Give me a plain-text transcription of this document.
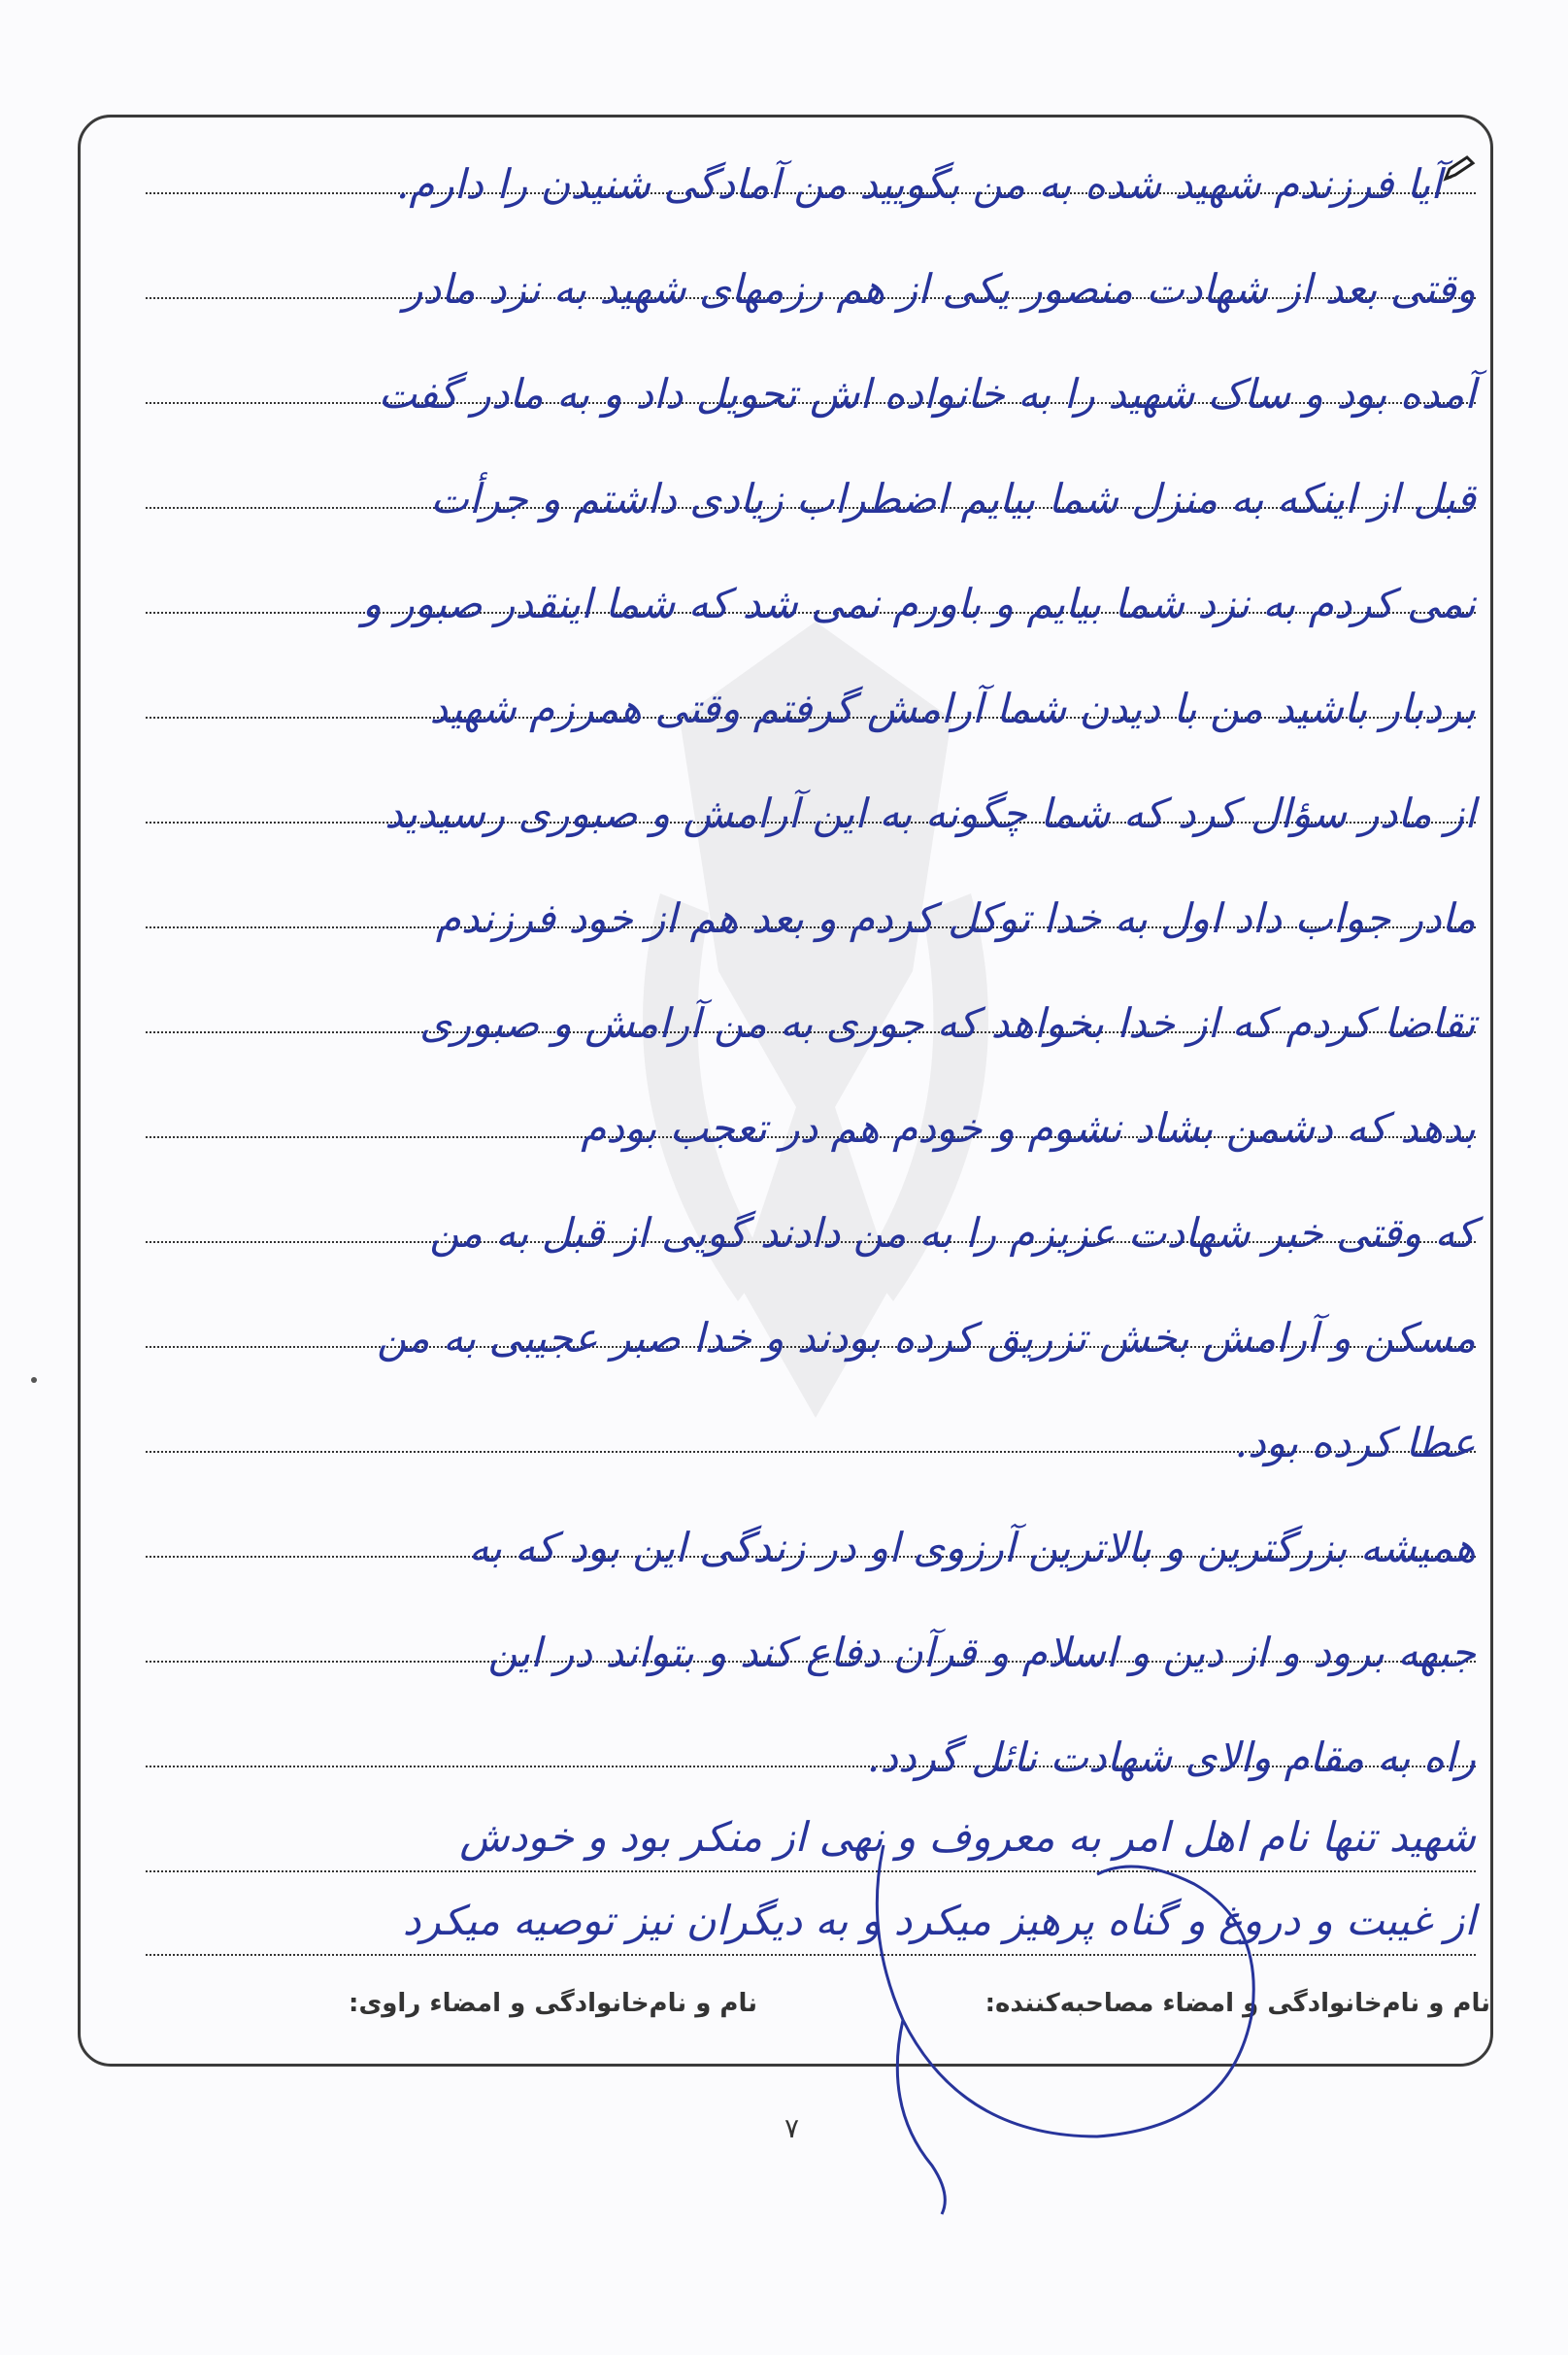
آیا فرزندم شهید شده به من بگویید من آمادگی شنیدن را دارم.
وقتی بعد از شهادت منصور یکی از هم رزمهای شهید به نزد مادر
آمده بود و ساک شهید را به خانواده اش تحویل داد و به مادر گفت
قبل از اینکه به منزل شما بیایم اضطراب زیادی داشتم و جرأت
نمی کردم به نزد شما بیایم و باورم نمی شد که شما اینقدر صبور و
بردبار باشید من با دیدن شما آرامش گرفتم وقتی همرزم شهید
از مادر سؤال کرد که شما چگونه به این آرامش و صبوری رسیدید
مادر جواب داد اول به خدا توکل کردم و بعد هم از خود فرزندم
تقاضا کردم که از خدا بخواهد که جوری به من آرامش و صبوری
بدهد که دشمن بشاد نشوم و خودم هم در تعجب بودم
که وقتی خبر شهادت عزیزم را به من دادند گویی از قبل به من
مسکن و آرامش بخش تزریق کرده بودند و خدا صبر عجیبی به من
عطا کرده بود.
همیشه بزرگترین و بالاترین آرزوی او در زندگی این بود که به
جبهه برود و از دین و اسلام و قرآن دفاع کند و بتواند در این
راه به مقام والای شهادت نائل گردد.
شهید تنها نام اهل امر به معروف و نهی از منکر بود و خودش
از غیبت و دروغ و گناه پرهیز میکرد و به دیگران نیز توصیه میکرد
نام و نام‌خانوادگی و امضاء مصاحبه‌کننده:
نام و نام‌خانوادگی و امضاء راوی:
۷
